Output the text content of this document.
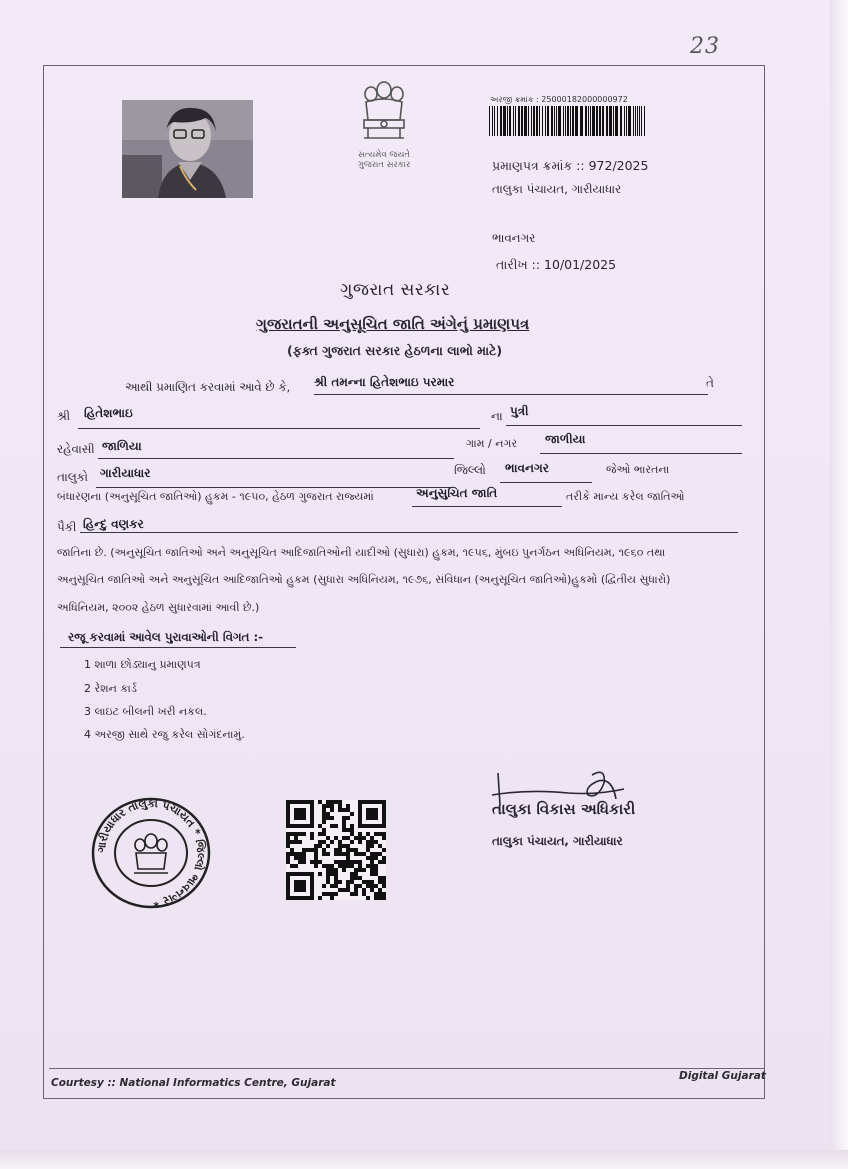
23
સત્યમેવ જયતે
ગુજરાત સરકાર
અરજી ક્રમાંક : 25000182000000972
પ્રમાણપત્ર ક્રમાંક :: 972/2025
તાલુકા પંચાયત, ગારીયાધાર
ભાવનગર
તારીખ :: 10/01/2025
ગુજરાત સરકાર
ગુજરાતની અનુસૂચિત જાતિ અંગેનું પ્રમાણપત્ર
(ફક્ત ગુજરાત સરકાર હેઠળના લાભો માટે)
આથી પ્રમાણિત કરવામાં આવે છે કે, શ્રી તમન્ના હિતેશભાઇ પરમાર	તે
શ્રી હિતેશભાઇ	ના પુત્રી
રહેવાસી જાળિયા	ગામ / નગર જાળીયા
તાલુકો ગારીયાધાર	જિલ્લો ભાવનગર	જેઓ ભારતના
બંધારણના (અનુસૂચિત જાતિઓ) હુકમ - ૧૯૫૦, હેઠળ ગુજરાત રાજ્યમાં	અનુસુચિત જાતિ	તરીકે માન્ય કરેલ જાતિઓ
પૈકી હિન્દુ વણકર
જાતિના છે. (અનુસૂચિત જાતિઓ અને અનુસૂચિત આદિજાતિઓની યાદીઓ (સુધારા) હુકમ, ૧૯૫૬, મુંબઇ પુનર્ગઠન અધિનિયમ, ૧૯૬૦ તથા
અનુસૂચિત જાતિઓ અને અનુસૂચિત આદિજાતિઓ હુકમ (સુધારા અધિનિયમ, ૧૯૭૬, સંવિધાન (અનુસૂચિત જાતિઓ)હુકમો (દ્વિતીય સુધારો)
અધિનિયમ, ૨૦૦૨ હેઠળ સુધારવામાં આવી છે.)
રજૂ કરવામાં આવેલ પુરાવાઓની વિગત :-
1 શાળા છોડ્યાનુ પ્રમાણપત્ર
2 રેશન કાર્ડ
3 લાઇટ બીલની ખરી નકલ.
4 અરજી સાથે રજુ કરેલ સોગંદનામું.
તાલુકા વિકાસ અધિકારી
તાલુકા પંચાયત, ગારીયાધાર
ગારીયાધાર તાલુકા પંચાયત * જિલ્લો ભાવનગર *
Courtesy :: National Informatics Centre, Gujarat
Digital Gujarat
